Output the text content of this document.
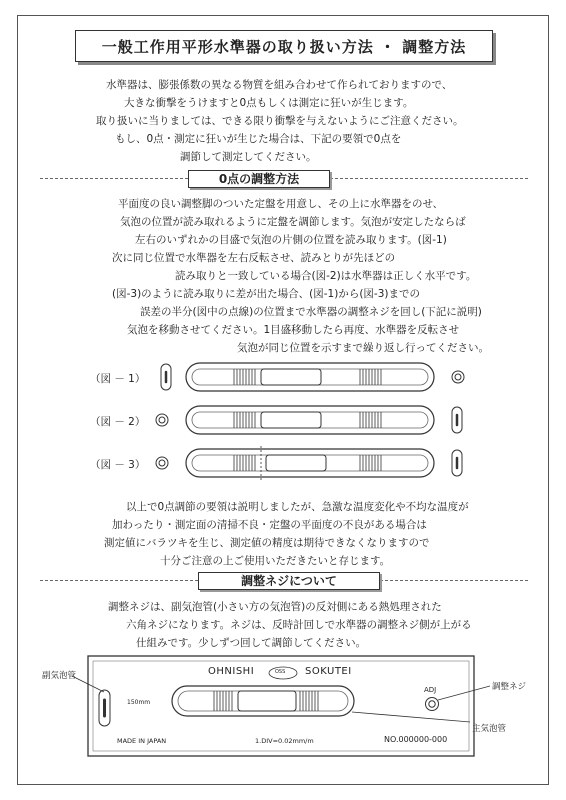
一般工作用平形水準器の取り扱い方法 ・ 調整方法
水準器は、膨張係数の異なる物質を組み合わせて作られておりますので、
大きな衝撃をうけますと0点もしくは測定に狂いが生じます。
取り扱いに当りましては、できる限り衝撃を与えないようにご注意ください。
もし、0点・測定に狂いが生じた場合は、下記の要領で0点を
調節して測定してください。
0点の調整方法
平面度の良い調整脚のついた定盤を用意し、その上に水準器をのせ、
気泡の位置が読み取れるように定盤を調節します。気泡が安定したならば
左右のいずれかの目盛で気泡の片側の位置を読み取ります。(図-1)
次に同じ位置で水準器を左右反転させ、読みとりが先ほどの
読み取りと一致している場合(図-2)は水準器は正しく水平です。
(図-3)のように読み取りに差が出た場合、(図-1)から(図-3)までの
誤差の半分(図中の点線)の位置まで水準器の調整ネジを回し(下記に説明)
気泡を移動させてください。1目盛移動したら再度、水準器を反転させ
気泡が同じ位置を示すまで繰り返し行ってください。
（図 － 1）
（図 － 2）
（図 － 3）
以上で0点調節の要領は説明しましたが、急激な温度変化や不均な温度が
加わったり・測定面の清掃不良・定盤の平面度の不良がある場合は
測定値にバラツキを生じ、測定値の精度は期待できなくなりますので
十分ご注意の上ご使用いただきたいと存じます。
調整ネジについて
調整ネジは、副気泡管(小さい方の気泡管)の反対側にある熱処理された
六角ネジになります。ネジは、反時計回しで水準器の調整ネジ側が上がる
仕組みです。少しずつ回して調節してください。
OHNISHI	OSS SOKUTEI
150mm
ADJ
MADE IN JAPAN	1.DIV=0.02mm/m	NO.000000-000
副気泡管
調整ネジ
主気泡管
